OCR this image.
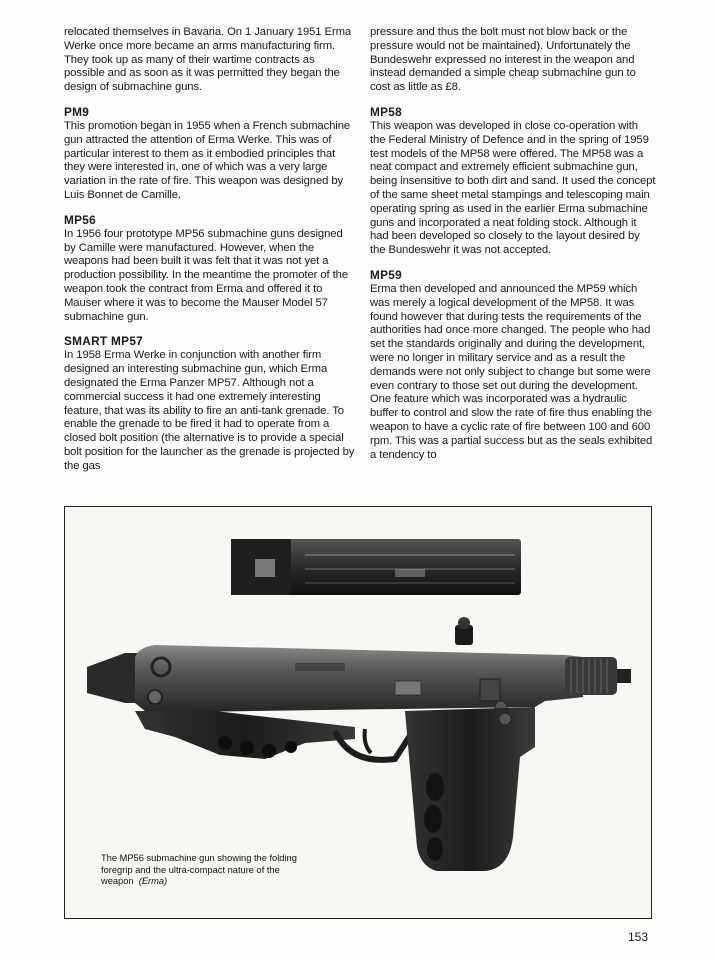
relocated themselves in Bavaria. On 1 January 1951 Erma Werke once more became an arms manufacturing firm. They took up as many of their wartime contracts as possible and as soon as it was permitted they began the design of submachine guns.

PM9

This promotion began in 1955 when a French submachine gun attracted the attention of Erma Werke. This was of particular interest to them as it embodied principles that they were interested in, one of which was a very large variation in the rate of fire. This weapon was designed by Luis Bonnet de Camille.

MP56

In 1956 four prototype MP56 submachine guns designed by Camille were manufactured. However, when the weapons had been built it was felt that it was not yet a production possibility. In the meantime the promoter of the weapon took the contract from Erma and offered it to Mauser where it was to become the Mauser Model 57 submachine gun.

SMART MP57

In 1958 Erma Werke in conjunction with another firm designed an interesting submachine gun, which Erma designated the Erma Panzer MP57. Although not a commercial success it had one extremely interesting feature, that was its ability to fire an anti-tank grenade. To enable the grenade to be fired it had to operate from a closed bolt position (the alternative is to provide a special bolt position for the launcher as the grenade is projected by the gas

pressure and thus the bolt must not blow back or the pressure would not be maintained). Unfortunately the Bundeswehr expressed no interest in the weapon and instead demanded a simple cheap submachine gun to cost as little as £8.

MP58

This weapon was developed in close co-operation with the Federal Ministry of Defence and in the spring of 1959 test models of the MP58 were offered. The MP58 was a neat compact and extremely efficient submachine gun, being insensitive to both dirt and sand. It used the concept of the same sheet metal stampings and telescoping main operating spring as used in the earlier Erma submachine guns and incorporated a neat folding stock. Although it had been developed so closely to the layout desired by the Bundeswehr it was not accepted.

MP59

Erma then developed and announced the MP59 which was merely a logical development of the MP58. It was found however that during tests the requirements of the authorities had once more changed. The people who had set the standards originally and during the development, were no longer in military service and as a result the demands were not only subject to change but some were even contrary to those set out during the development. One feature which was incorporated was a hydraulic buffer to control and slow the rate of fire thus enabling the weapon to have a cyclic rate of fire between 100 and 600 rpm. This was a partial success but as the seals exhibited a tendency to

The MP56 submachine gun showing the folding foregrip and the ultra-compact nature of the weapon (Erma)
153
